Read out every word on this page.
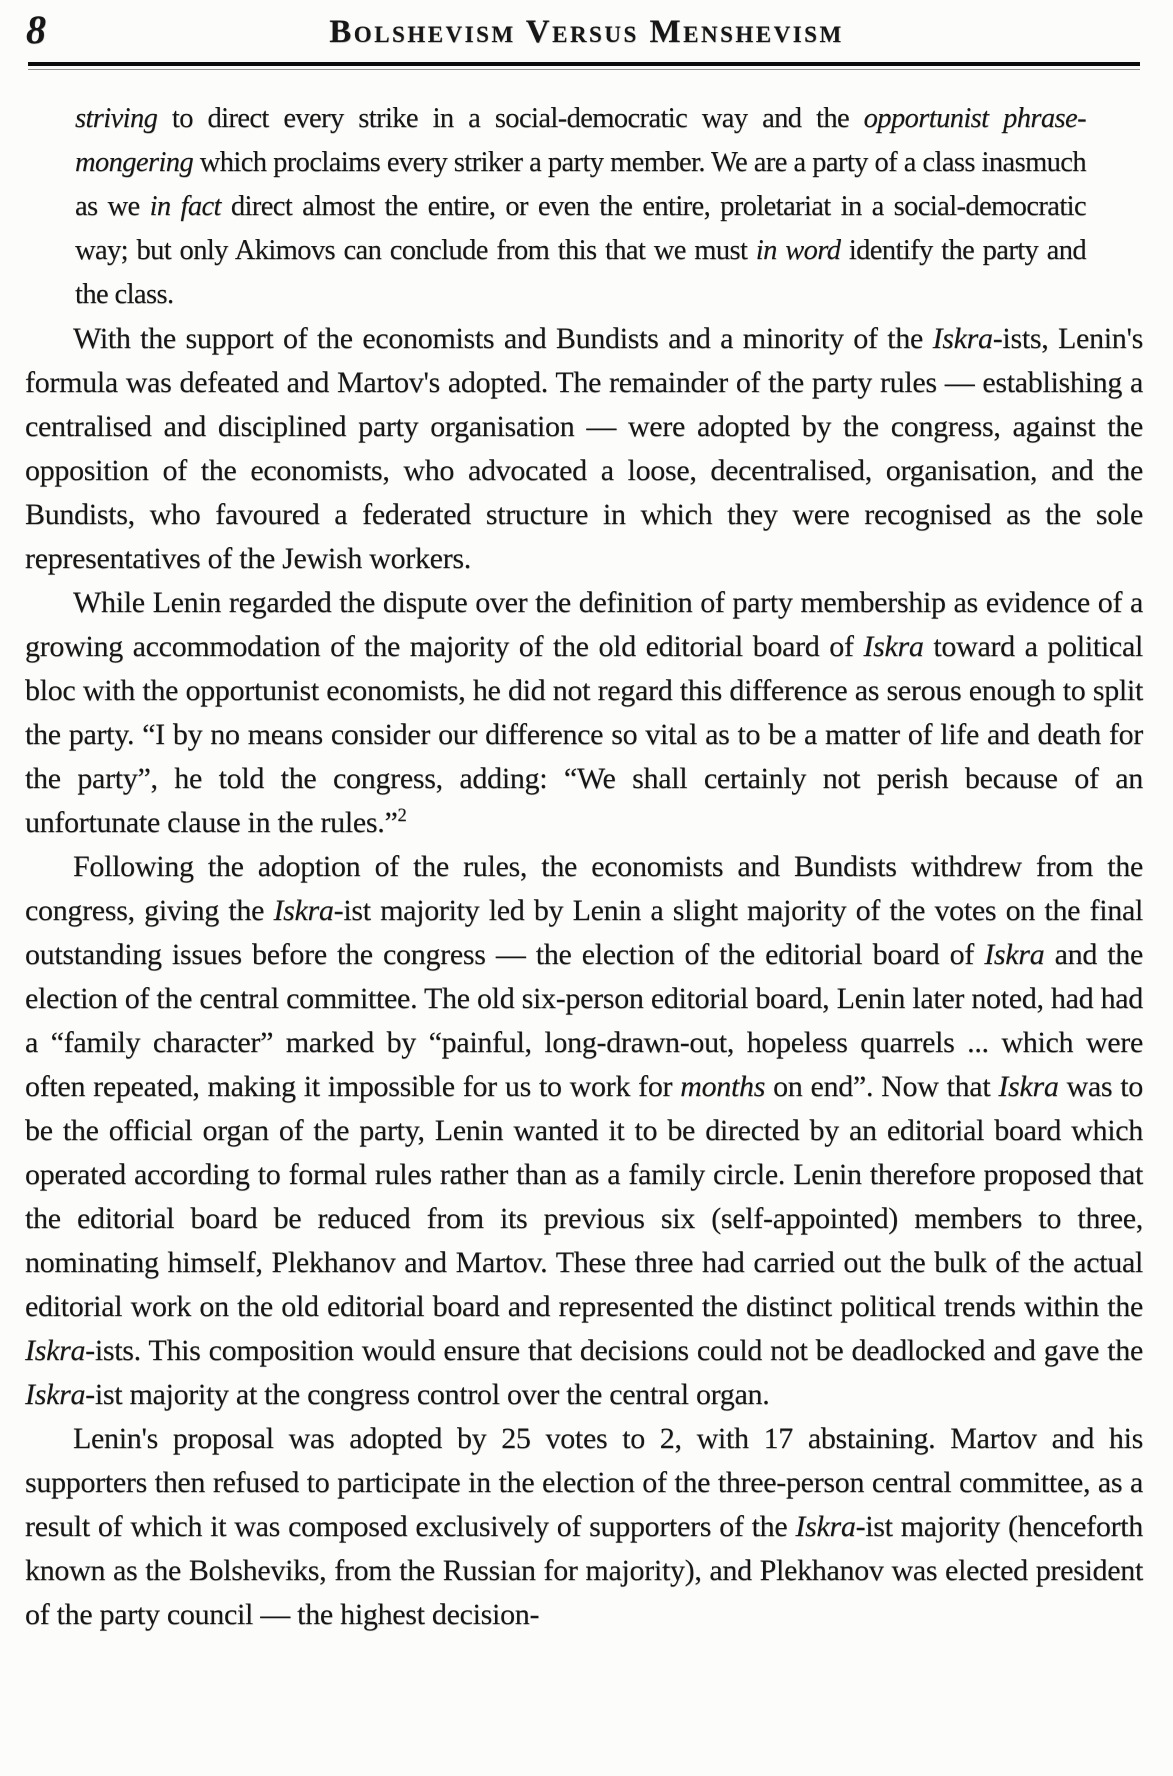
8	Bolshevism Versus Menshevism
striving to direct every strike in a social-democratic way and the opportunist phrase-mongering which proclaims every striker a party member. We are a party of a class inasmuch as we in fact direct almost the entire, or even the entire, proletariat in a social-democratic way; but only Akimovs can conclude from this that we must in word identify the party and the class.

With the support of the economists and Bundists and a minority of the Iskra-ists, Lenin's formula was defeated and Martov's adopted. The remainder of the party rules — establishing a centralised and disciplined party organisation — were adopted by the congress, against the opposition of the economists, who advocated a loose, decentralised, organisation, and the Bundists, who favoured a federated structure in which they were recognised as the sole representatives of the Jewish workers.

While Lenin regarded the dispute over the definition of party membership as evidence of a growing accommodation of the majority of the old editorial board of Iskra toward a political bloc with the opportunist economists, he did not regard this difference as serous enough to split the party. “I by no means consider our difference so vital as to be a matter of life and death for the party”, he told the congress, adding: “We shall certainly not perish because of an unfortunate clause in the rules.”$^2$

Following the adoption of the rules, the economists and Bundists withdrew from the congress, giving the Iskra-ist majority led by Lenin a slight majority of the votes on the final outstanding issues before the congress — the election of the editorial board of Iskra and the election of the central committee. The old six-person editorial board, Lenin later noted, had had a “family character” marked by “painful, long-drawn-out, hopeless quarrels ... which were often repeated, making it impossible for us to work for months on end”. Now that Iskra was to be the official organ of the party, Lenin wanted it to be directed by an editorial board which operated according to formal rules rather than as a family circle. Lenin therefore proposed that the editorial board be reduced from its previous six (self-appointed) members to three, nominating himself, Plekhanov and Martov. These three had carried out the bulk of the actual editorial work on the old editorial board and represented the distinct political trends within the Iskra-ists. This composition would ensure that decisions could not be deadlocked and gave the Iskra-ist majority at the congress control over the central organ.

Lenin's proposal was adopted by 25 votes to 2, with 17 abstaining. Martov and his supporters then refused to participate in the election of the three-person central committee, as a result of which it was composed exclusively of supporters of the Iskra-ist majority (henceforth known as the Bolsheviks, from the Russian for majority), and Plekhanov was elected president of the party council — the highest decision-
